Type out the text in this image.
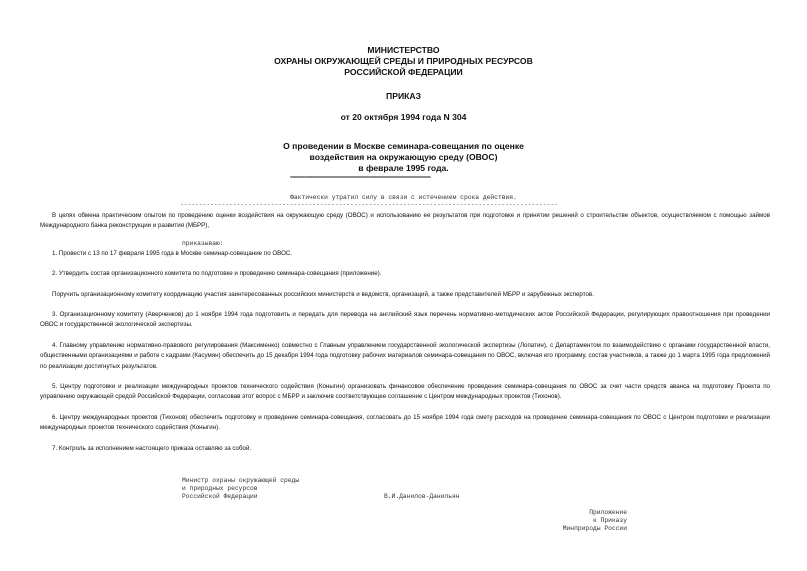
МИНИСТЕРСТВО
ОХРАНЫ ОКРУЖАЮЩЕЙ СРЕДЫ И ПРИРОДНЫХ РЕСУРСОВ
РОССИЙСКОЙ ФЕДЕРАЦИИ
ПРИКАЗ
от 20 октября 1994 года N 304
О проведении в Москве семинара-совещания по оценке
воздействия на окружающую среду (ОВОС)
в феврале 1995 года.
--------------------------------------------------------------------
Фактически утратил силу в связи с истечением срока действия.
----------------------------------------------------------------------------------------------------
В целях обмена практическим опытом по проведению оценки воздействия на окружающую среду (ОВОС) и использованию ее результатов при подготовке и принятии решений о строительстве объектов, осуществляемом с помощью займов Международного банка реконструкции и развития (МБРР),
приказываю:
1. Провести с 13 по 17 февраля 1995 года в Москве семинар-совещание по ОВОС.
2. Утвердить состав организационного комитета по подготовке и проведению семинара-совещания (приложение).
Поручить организационному комитету координацию участия заинтересованных российских министерств и ведомств, организаций, а также представителей МБРР и зарубежных экспертов.
3. Организационному комитету (Аверченков) до 1 ноября 1994 года подготовить и передать для перевода на английский язык перечень нормативно-методических актов Российской Федерации, регулирующих правоотношения при проведении ОВОС и государственной экологической экспертизы.
4. Главному управлению нормативно-правового регулирования (Максименко) совместно с Главным управлением государственной экологической экспертизы (Лопатин), с Департаментом по взаимодействию с органами государственной власти, общественными организациями и работе с кадрами (Касумян) обеспечить до 15 декабря 1994 года подготовку рабочих материалов семинара-совещания по ОВОС, включая его программу, состав участников, а также до 1 марта 1995 года предложений по реализации достигнутых результатов.
5. Центру подготовки и реализации международных проектов технического содействия (Коныгин) организовать финансовое обеспечение проведения семинара-совещания по ОВОС за счет части средств аванса на подготовку Проекта по управлению окружающей средой Российской Федерации, согласовав этот вопрос с МБРР и заключив соответствующее соглашение с Центром международных проектов (Тихонов).
6. Центру международных проектов (Тихонов) обеспечить подготовку и проведение семинара-совещания, согласовать до 15 ноября 1994 года смету расходов на проведение семинара-совещания по ОВОС с Центром подготовки и реализации международных проектов технического содействия (Коныгин).
7. Контроль за исполнением настоящего приказа оставляю за собой.
Министр охраны окружающей среды
и природных ресурсов
Российской Федерации	В.И.Данилов-Данильян
Приложение
к Приказу
Минприроды России
